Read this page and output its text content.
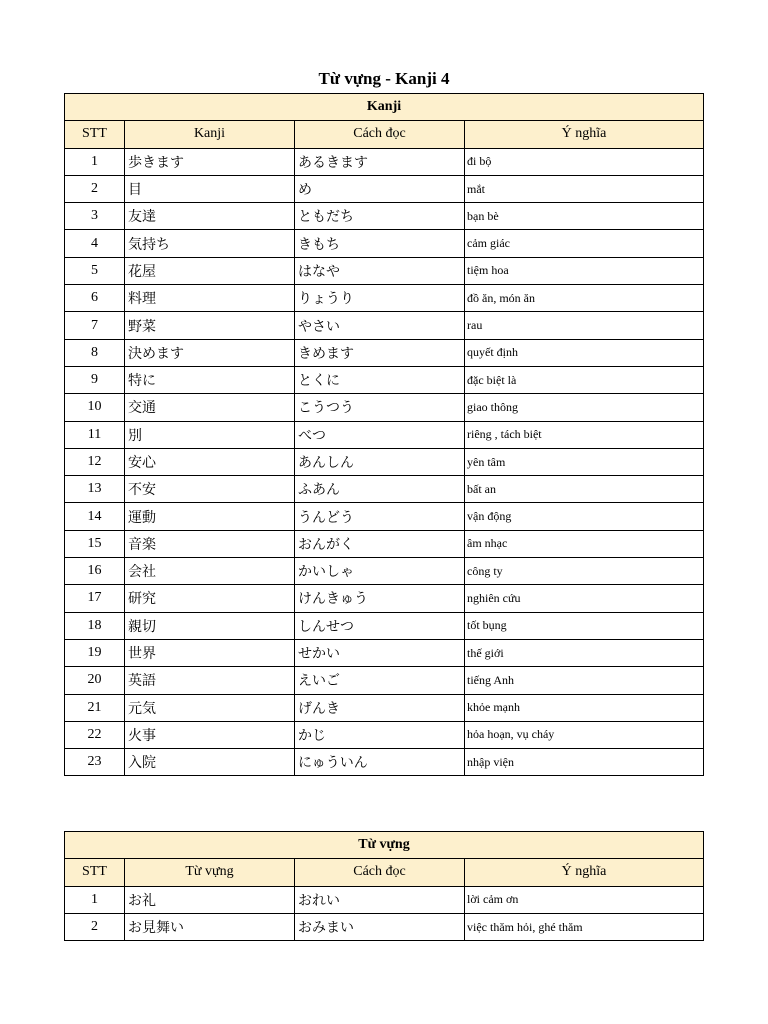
Từ vựng - Kanji 4
Kanji			
STT	Kanji	Cách đọc	Ý nghĩa
1	歩きます	あるきます	đi bộ
2	目	め	mắt
3	友達	ともだち	bạn bè
4	気持ち	きもち	cảm giác
5	花屋	はなや	tiệm hoa
6	料理	りょうり	đồ ăn, món ăn
7	野菜	やさい	rau
8	決めます	きめます	quyết định
9	特に	とくに	đặc biệt là
10	交通	こうつう	giao thông
11	別	べつ	riêng , tách biệt
12	安心	あんしん	yên tâm
13	不安	ふあん	bất an
14	運動	うんどう	vận động
15	音楽	おんがく	âm nhạc
16	会社	かいしゃ	công ty
17	研究	けんきゅう	nghiên cứu
18	親切	しんせつ	tốt bụng
19	世界	せかい	thế giới
20	英語	えいご	tiếng Anh
21	元気	げんき	khỏe mạnh
22	火事	かじ	hỏa hoạn, vụ cháy
23	入院	にゅういん	nhập viện
Từ vựng			
STT	Từ vựng	Cách đọc	Ý nghĩa
1	お礼	おれい	lời cảm ơn
2	お見舞い	おみまい	việc thăm hỏi, ghé thăm
